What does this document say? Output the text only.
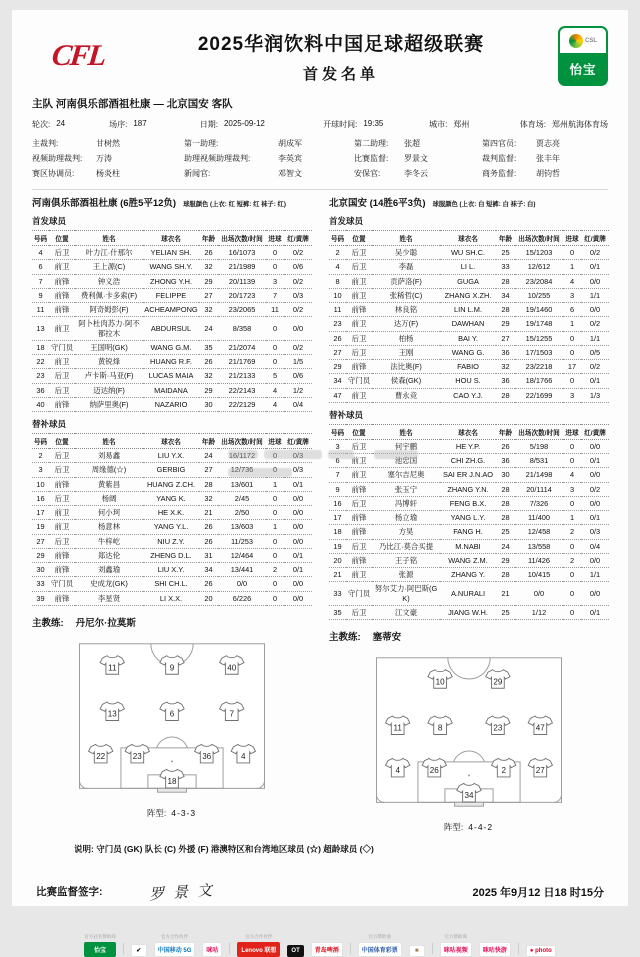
CFL	2025华润饮料中国足球超级联赛
首发名单
CSL
怡宝
主队 河南俱乐部酒祖杜康 — 北京国安 客队
轮次: 24	场序: 187	日期: 2025-09-12	开球时间: 19:35	城市: 郑州	体育场: 郑州航海体育场
主裁判:	甘树然	第一助理:	胡成军	第二助理:	张超	第四官员:	贾志亮
视频助理裁判:	万涛	助理视频助理裁判:	李英宾	比赛监督:	罗景文	裁判监督:	张丰年
赛区协调员:	杨炎柱	新闻官:	邓智文	安保官:	李冬云	商务监督:	胡钧哲
河南俱乐部酒祖杜康 (6胜5平12负) 球服颜色 (上衣: 红 短裤: 红 袜子: 红)
首发球员
号码	位置	姓名	球衣名	年龄	出场次数/时间	进球	红/黄牌
4	后卫	叶力江·什那尔	YELIAN SH.	26	16/1073	0	0/2
6	前卫	王上源(C)	WANG SH.Y.	32	21/1989	0	0/6
7	前锋	钟义浩	ZHONG Y.H.	29	20/1139	3	0/2
9	前锋	费利佩·卡多索(F)	FELIPPE	27	20/1723	7	0/3
11	前锋	阿奇姆彭(F)	ACHEAMPONG	32	23/2065	11	0/2
13	前卫	阿卜杜肉苏力·阿不都拉木	ABDURSUL	24	8/358	0	0/0
18	守门员	王国明(GK)	WANG G.M.	35	21/2074	0	0/2
22	前卫	黄锐烽	HUANG R.F.	26	21/1769	0	1/5
23	后卫	卢卡斯·马亚(F)	LUCAS MAIA	32	21/2133	5	0/6
36	后卫	迈达纳(F)	MAIDANA	29	22/2143	4	1/2
40	前锋	纳萨里奥(F)	NAZARIO	30	22/2129	4	0/4
替补球员
号码	位置	姓名	球衣名	年龄	出场次数/时间	进球	红/黄牌
2	后卫	刘易鑫	LIU Y.X.	24	16/1172	0	0/3
3	后卫	周缘德(☆)	GERBIG	27	12/736	0	0/3
10	前锋	黄紫昌	HUANG Z.CH.	28	13/601	1	0/1
16	后卫	杨阔	YANG K.	32	2/45	0	0/0
17	前卫	何小珂	HE X.K.	21	2/50	0	0/0
19	前卫	杨意林	YANG Y.L.	26	13/603	1	0/0
27	后卫	牛梓屹	NIU Z.Y.	26	11/253	0	0/0
29	前锋	郑达伦	ZHENG D.L.	31	12/464	0	0/1
30	前锋	刘鑫瑜	LIU X.Y.	34	13/441	2	0/1
33	守门员	史成龙(GK)	SHI CH.L.	26	0/0	0	0/0
39	前锋	李星贤	LI X.X.	20	6/226	0	0/0
主教练: 丹尼尔·拉莫斯
11	9	40
13	6	7
22	23	36	4
18
阵型: 4-3-3
北京国安 (14胜6平3负) 球服颜色 (上衣: 白 短裤: 白 袜子: 白)
首发球员
号码	位置	姓名	球衣名	年龄	出场次数/时间	进球	红/黄牌
2	后卫	吴少聪	WU SH.C.	25	15/1203	0	0/2
4	后卫	李磊	LI L.	33	12/612	1	0/1
8	前卫	贡萨洛(F)	GUGA	28	23/2084	4	0/0
10	前卫	张稀哲(C)	ZHANG X.ZH.	34	10/255	3	1/1
11	前锋	林良铭	LIN L.M.	28	19/1460	6	0/0
23	前卫	达万(F)	DAWHAN	29	19/1748	1	0/2
26	后卫	柏杨	BAI Y.	27	15/1255	0	1/1
27	后卫	王刚	WANG G.	36	17/1503	0	0/5
29	前锋	法比奥(F)	FABIO	32	23/2218	17	0/2
34	守门员	侯森(GK)	HOU S.	36	18/1766	0	0/1
47	前卫	曹永竞	CAO Y.J.	28	22/1699	3	1/3
替补球员
号码	位置	姓名	球衣名	年龄	出场次数/时间	进球	红/黄牌
3	后卫	何宇鹏	HE Y.P.	26	5/198	0	0/0
6	前卫	池忠国	CHI ZH.G.	36	8/531	0	0/1
7	前卫	塞尔吉尼奥	SAI ER J.N.AO	30	21/1498	4	0/0
9	前锋	张玉宁	ZHANG Y.N.	28	20/1114	3	0/2
16	后卫	冯博轩	FENG B.X.	28	7/326	0	0/0
17	前锋	杨立瑜	YANG L.Y.	28	11/400	1	0/1
18	前锋	方昊	FANG H.	25	12/458	2	0/3
19	后卫	乃比江·莫合买提	M.NABI	24	13/558	0	0/4
20	前锋	王子铭	WANG Z.M.	29	11/426	2	0/0
21	前卫	张源	ZHANG Y.	28	10/415	0	1/1
33	守门员	努尔艾力·阿巴斯(GK)	A.NURALI	21	0/0	0	0/0
35	后卫	江文豪	JIANG W.H.	25	1/12	0	0/1
主教练: 塞蒂安
10	29
11	8	23	47
4	26	2	27
34
阵型: 4-4-2
说明: 守门员 (GK) 队长 (C) 外援 (F) 港澳特区和台湾地区球员 (☆) 超龄球员 (◇)
比赛监督签字:	罗景文	2025 年9月12 日18 时15分
官方冠名赞助商
怡宝	✔
官方合作伙伴
中国移动 5G	咪咕
官方合作伙伴
Lenovo 联想	OT	青岛啤酒
官方赞助商
中国体育彩票	■
官方赞助商
咪咕视频	咪咕快游	● photo
